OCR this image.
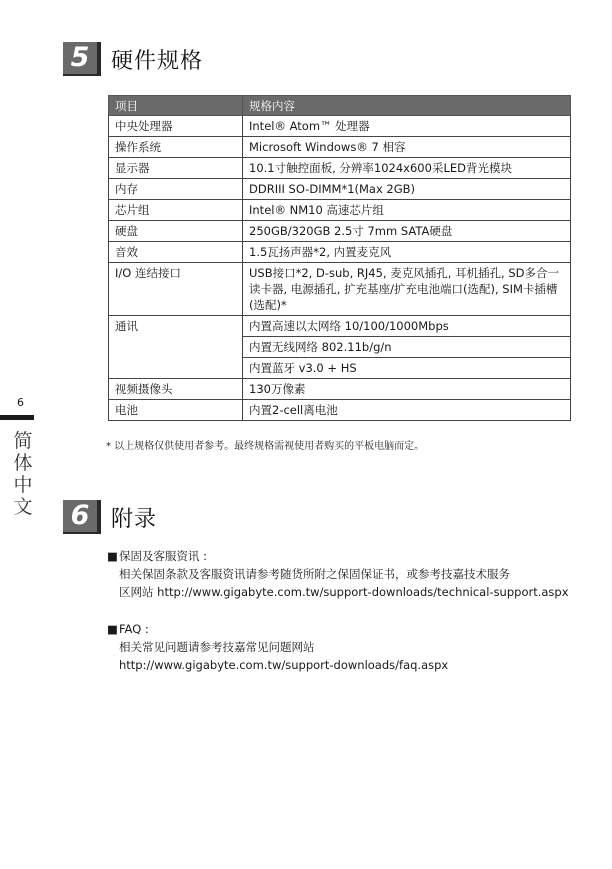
5 硬件规格
项目	规格内容
中央处理器	Intel® Atom™ 处理器
操作系统	Microsoft Windows® 7 相容
显示器	10.1寸触控面板, 分辨率1024x600采LED背光模块
内存	DDRIII SO-DIMM*1(Max 2GB)
芯片组	Intel® NM10 高速芯片组
硬盘	250GB/320GB 2.5寸 7mm SATA硬盘
音效	1.5瓦扬声器*2, 内置麦克风
I/O 连结接口	USB接口*2, D-sub, RJ45, 麦克风插孔, 耳机插孔, SD多合一读卡器, 电源插孔, 扩充基座/扩充电池端口(选配), SIM卡插槽(选配)*
通讯	内置高速以太网络 10/100/1000Mbps
	内置无线网络 802.11b/g/n
	内置蓝牙 v3.0 + HS
视频摄像头	130万像素
电池	内置2-cell离电池
* 以上规格仅供使用者参考。最终规格需视使用者购买的平板电脑而定。
6
简
体
中
文 6 附录
■ 保固及客服资讯 :
相关保固条款及客服资讯请参考随货所附之保固保证书，或参考技嘉技术服务
区网站 http://www.gigabyte.com.tw/support-downloads/technical-support.aspx
■ FAQ :
相关常见问题请参考技嘉常见问题网站
http://www.gigabyte.com.tw/support-downloads/faq.aspx
